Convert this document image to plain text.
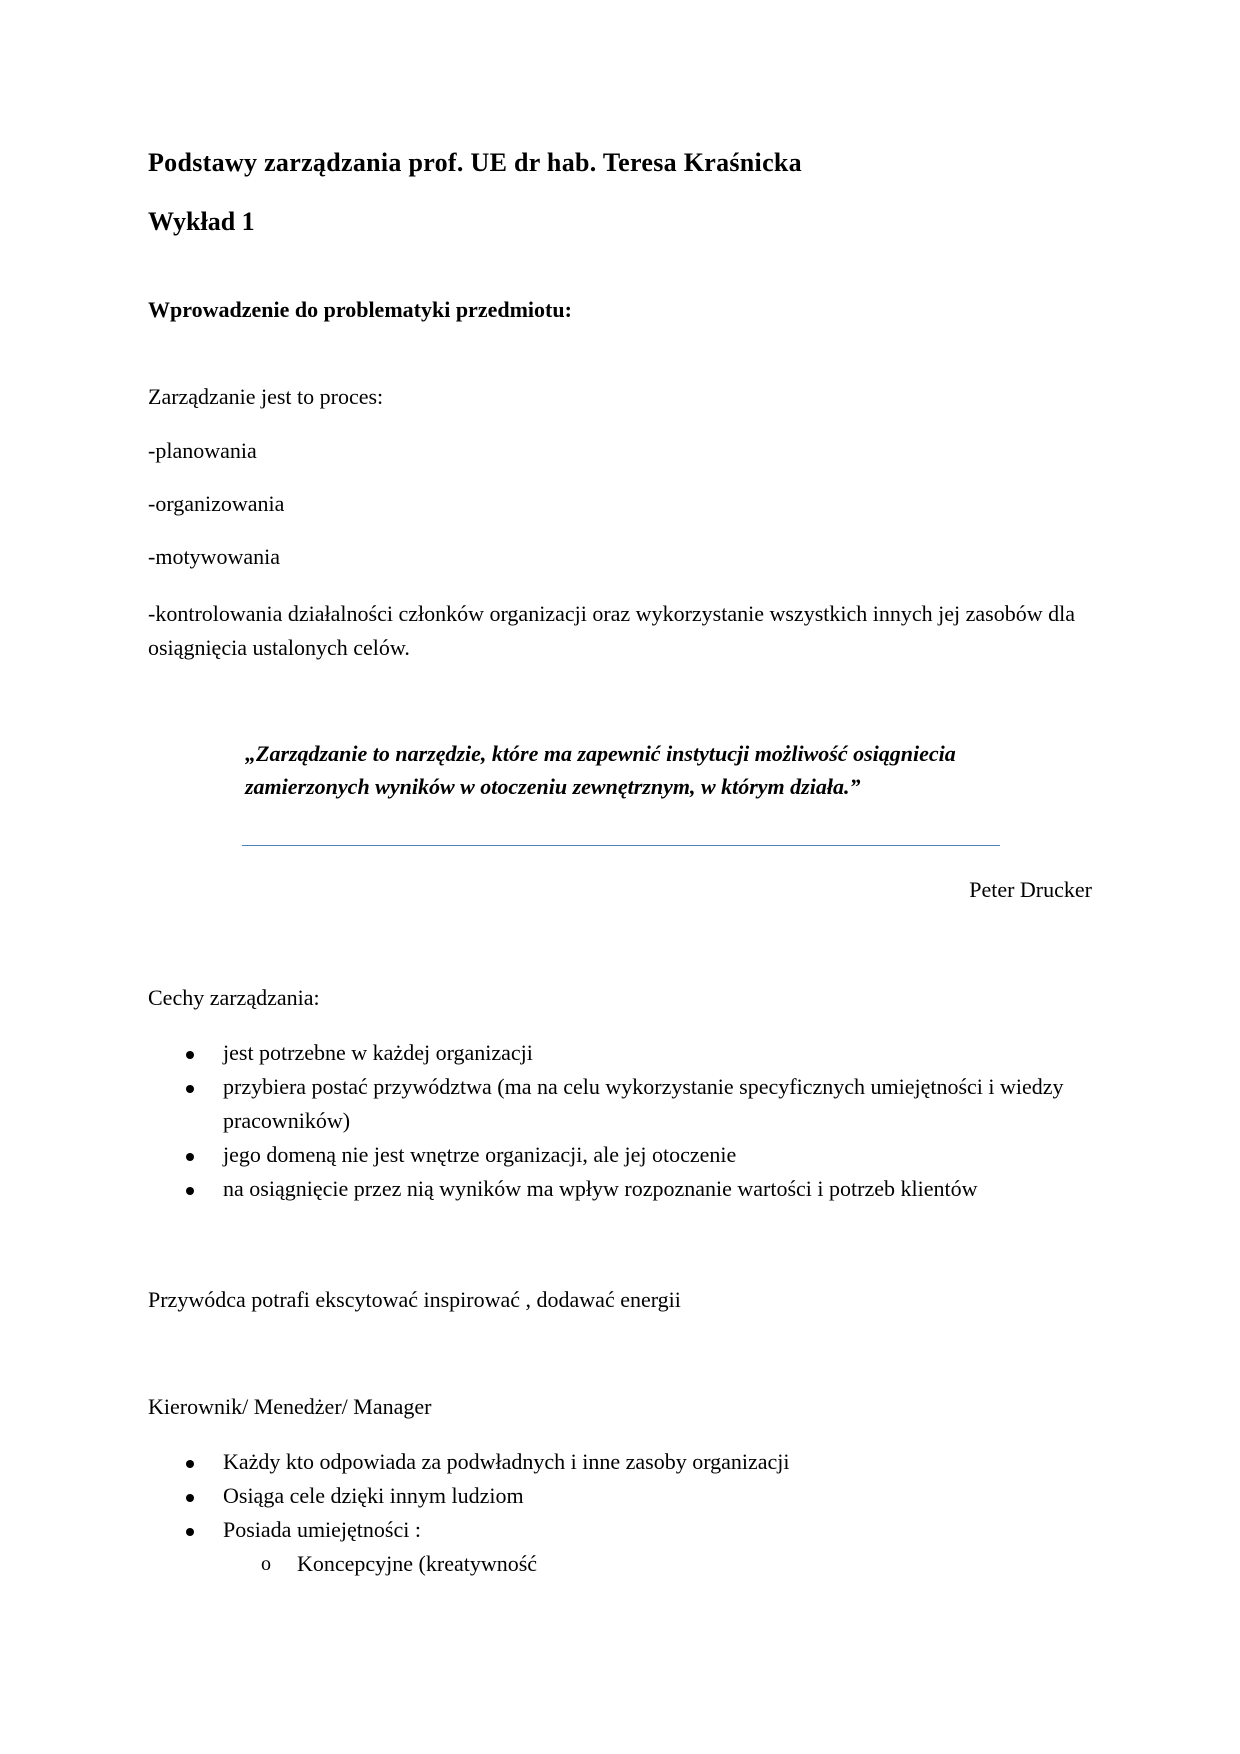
Podstawy zarządzania prof. UE dr hab. Teresa Kraśnicka
Wykład 1
Wprowadzenie do problematyki przedmiotu:
Zarządzanie jest to proces:
-planowania
-organizowania
-motywowania
-kontrolowania działalności członków organizacji oraz wykorzystanie wszystkich innych jej zasobów dla osiągnięcia ustalonych celów.
„Zarządzanie to narzędzie, które ma zapewnić instytucji możliwość osiągniecia zamierzonych wyników w otoczeniu zewnętrznym, w którym działa.”
Peter Drucker
Cechy zarządzania:
jest potrzebne w każdej organizacji
przybiera postać przywództwa (ma na celu wykorzystanie specyficznych umiejętności i wiedzy pracowników)
jego domeną nie jest wnętrze organizacji, ale jej otoczenie
na osiągnięcie przez nią wyników ma wpływ rozpoznanie wartości i potrzeb klientów
Przywódca potrafi ekscytować inspirować , dodawać energii
Kierownik/ Menedżer/ Manager
Każdy kto odpowiada za podwładnych i inne zasoby organizacji
Osiąga cele dzięki innym ludziom
Posiada umiejętności :
o Koncepcyjne (kreatywność
